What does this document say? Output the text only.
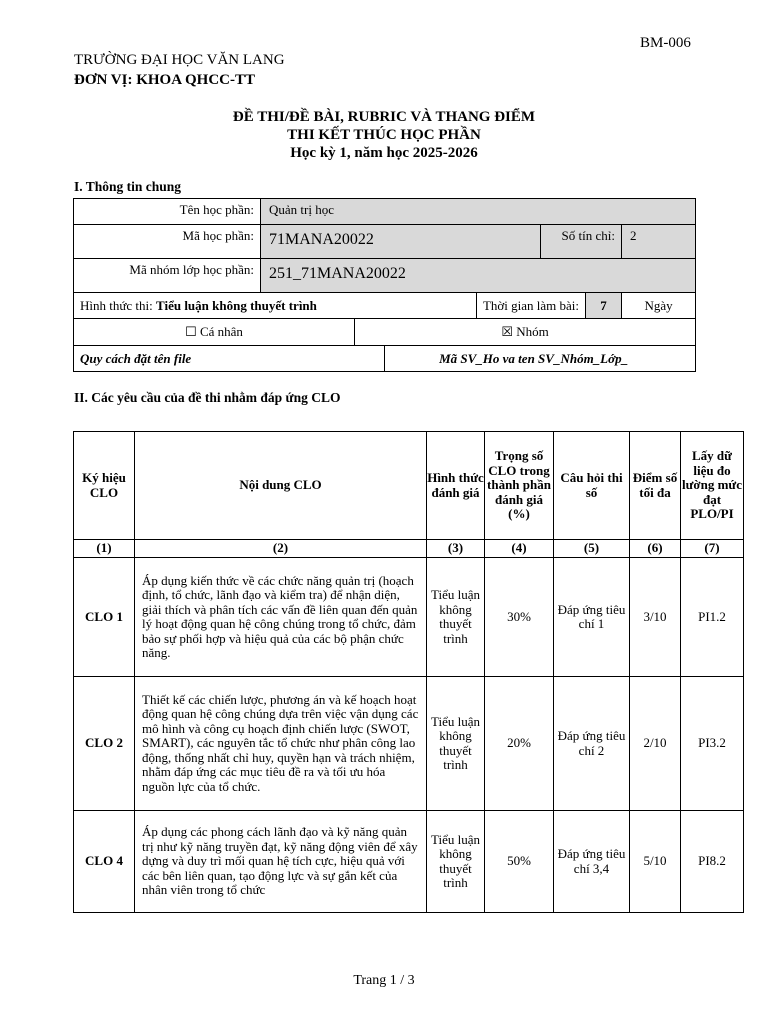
BM-006
TRƯỜNG ĐẠI HỌC VĂN LANG
ĐƠN VỊ: KHOA QHCC-TT
ĐỀ THI/ĐỀ BÀI, RUBRIC VÀ THANG ĐIỂM
THI KẾT THÚC HỌC PHẦN
Học kỳ 1, năm học 2025-2026
I. Thông tin chung
Tên học phần:	Quản trị học						
Mã học phần:	71MANA20022				Số tín chỉ:		2
Mã nhóm lớp học phần:	251_71MANA20022						
Hình thức thi: Tiểu luận không thuyết trình				Thời gian làm bài:		7	Ngày
☐ Cá nhân		☒ Nhóm					
Quy cách đặt tên file			Mã SV_Ho va ten SV_Nhóm_Lớp_				
II. Các yêu cầu của đề thi nhằm đáp ứng CLO
Ký hiệu CLO	Nội dung CLO	Hình thức đánh giá	Trọng số CLO trong thành phần đánh giá (%)	Câu hỏi thi số	Điểm số tối đa	Lấy dữ liệu đo lường mức đạt PLO/PI
(1)	(2)	(3)	(4)	(5)	(6)	(7)
CLO 1	Áp dụng kiến thức về các chức năng quản trị (hoạch định, tổ chức, lãnh đạo và kiểm tra) để nhận diện, giải thích và phân tích các vấn đề liên quan đến quản lý hoạt động quan hệ công chúng trong tổ chức, đảm bảo sự phối hợp và hiệu quả của các bộ phận chức năng.	Tiểu luận không thuyết trình	30%	Đáp ứng tiêu chí 1	3/10	PI1.2
CLO 2	Thiết kế các chiến lược, phương án và kế hoạch hoạt động quan hệ công chúng dựa trên việc vận dụng các mô hình và công cụ hoạch định chiến lược (SWOT, SMART), các nguyên tắc tổ chức như phân công lao động, thống nhất chỉ huy, quyền hạn và trách nhiệm, nhằm đáp ứng các mục tiêu đề ra và tối ưu hóa nguồn lực của tổ chức.	Tiểu luận không thuyết trình	20%	Đáp ứng tiêu chí 2	2/10	PI3.2
CLO 4	Áp dụng các phong cách lãnh đạo và kỹ năng quản trị như kỹ năng truyền đạt, kỹ năng động viên để xây dựng và duy trì mối quan hệ tích cực, hiệu quả với các bên liên quan, tạo động lực và sự gắn kết của nhân viên trong tổ chức	Tiểu luận không thuyết trình	50%	Đáp ứng tiêu chí 3,4	5/10	PI8.2
Trang 1 / 3
